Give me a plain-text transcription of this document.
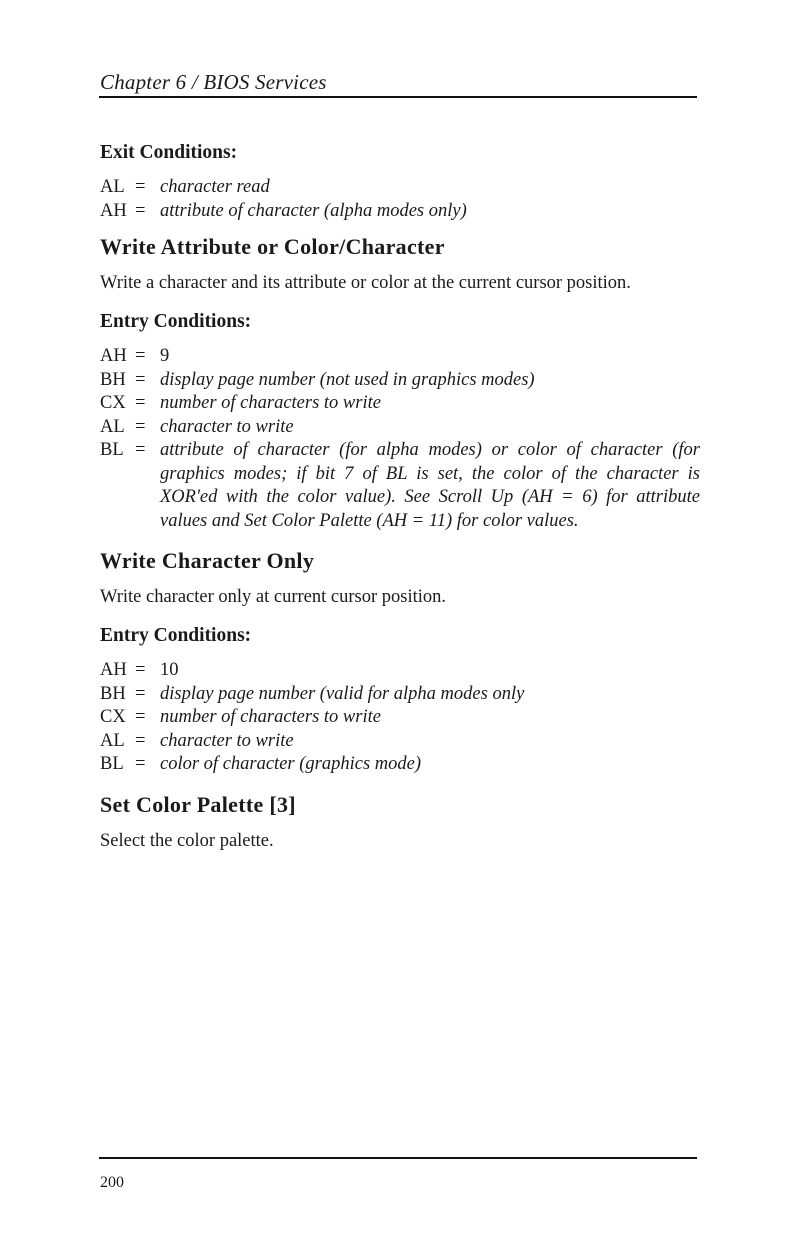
Chapter 6 / BIOS Services
Exit Conditions:
AL = character read
AH = attribute of character (alpha modes only)
Write Attribute or Color/Character

Write a character and its attribute or color at the current cursor position.

Entry Conditions:
AH = 9
BH = display page number (not used in graphics modes)
CX = number of characters to write
AL = character to write
BL = attribute of character (for alpha modes) or color of character (for graphics modes; if bit 7 of BL is set, the color of the character is XOR'ed with the color value). See Scroll Up (AH = 6) for attribute values and Set Color Palette (AH = 11) for color values.
Write Character Only

Write character only at current cursor position.

Entry Conditions:
AH = 10
BH = display page number (valid for alpha modes only
CX = number of characters to write
AL = character to write
BL = color of character (graphics mode)
Set Color Palette [3]

Select the color palette.

200
